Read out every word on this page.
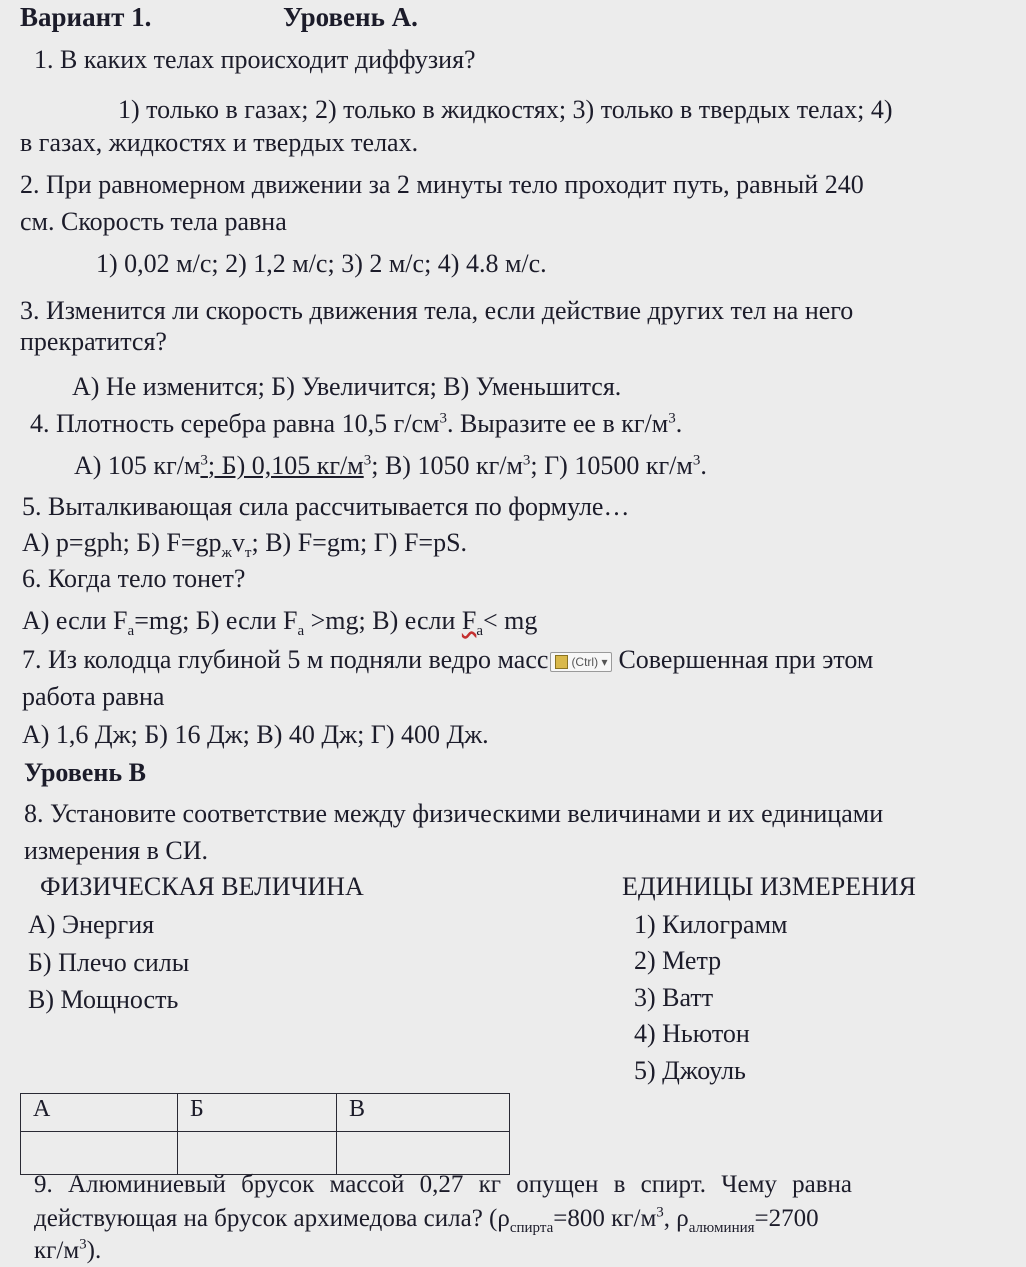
Вариант 1.	Уровень А.
1. В каких телах происходит диффузия?
1) только в газах; 2) только в жидкостях; 3) только в твердых телах; 4)
в газах, жидкостях и твердых телах.
2. При равномерном движении за 2 минуты тело проходит путь, равный 240
см. Скорость тела равна
1) 0,02 м/с; 2) 1,2 м/с; 3) 2 м/с; 4) 4.8 м/с.
3. Изменится ли скорость движения тела, если действие других тел на него
прекратится?
А) Не изменится; Б) Увеличится; В) Уменьшится.
4. Плотность серебра равна 10,5 $г/см^3$. Выразите ее в $кг/м^3$.
А) 105 $кг/м^3$; Б) 0,105 $кг/м^3$; В) 1050 $кг/м^3$; Г) 10500 $кг/м^3$.
5. Выталкивающая сила рассчитывается по формуле…
А) p=gph; Б) $F=gp_жv_т$; В) F=gm; Г) F=pS.
6. Когда тело тонет?
А) если $F_а=mg$; Б) если $F_а >mg$; В) если $F_а<$ mg
7. Из колодца глубиной 5 м подняли ведро масс (Ctrl) ▾ Совершенная при этом
работа равна
А) 1,6 Дж; Б) 16 Дж; В) 40 Дж; Г) 400 Дж.
Уровень В
8. Установите соответствие между физическими величинами и их единицами
измерения в СИ.
ФИЗИЧЕСКАЯ ВЕЛИЧИНА	ЕДИНИЦЫ ИЗМЕРЕНИЯ
А) Энергия
Б) Плечо силы
В) Мощность
1) Килограмм
2) Метр
3) Ватт
4) Ньютон
5) Джоуль
А	Б	В

9. Алюминиевый брусок массой 0,27 кг опущен в спирт. Чему равна
действующая на брусок архимедова сила? ($\rho_{спирта}=800$ $кг/м^3$, $\rho_{алюминия}=2700$
$кг/м^3$).
